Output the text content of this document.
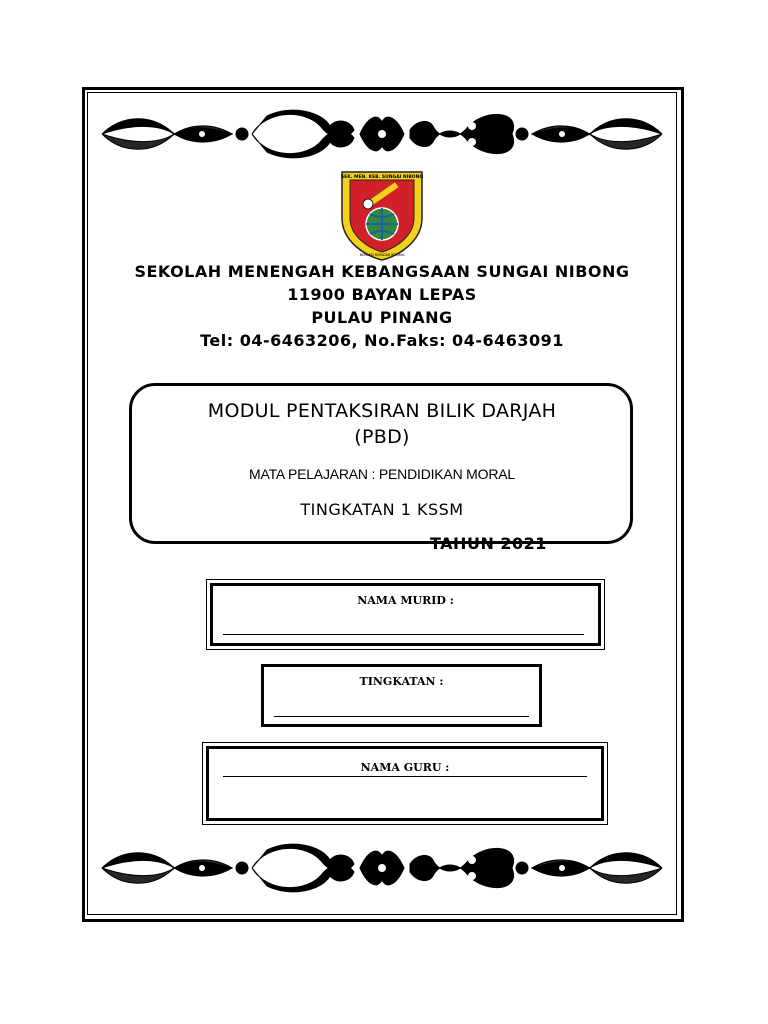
SEK. MEN. KEB. SUNGAI NIBONG
BERILMU BERADAB BERJAYA
SEKOLAH MENENGAH KEBANGSAAN SUNGAI NIBONG
11900 BAYAN LEPAS
PULAU PINANG
Tel: 04-6463206, No.Faks: 04-6463091
MODUL PENTAKSIRAN BILIK DARJAH
(PBD)
MATA PELAJARAN : PENDIDIKAN MORAL
TINGKATAN 1 KSSM
TAHUN 2021
NAMA MURID :
TINGKATAN :
NAMA GURU :
